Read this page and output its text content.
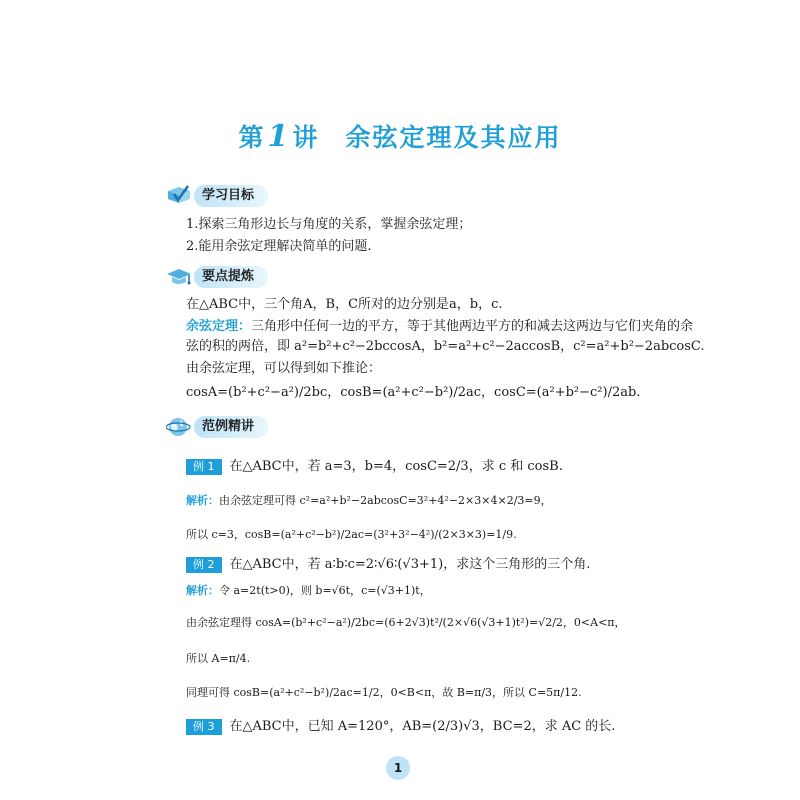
第1讲 余弦定理及其应用
学习目标
1.探索三角形边长与角度的关系，掌握余弦定理；
2.能用余弦定理解决简单的问题.
要点提炼
在△ABC中，三个角A，B，C所对的边分别是a，b，c.
余弦定理：三角形中任何一边的平方，等于其他两边平方的和减去这两边与它们夹角的余
弦的积的两倍，即 a²=b²+c²−2bccosA，b²=a²+c²−2accosB，c²=a²+b²−2abcosC.
由余弦定理，可以得到如下推论：
cosA=(b²+c²−a²)/2bc，cosB=(a²+c²−b²)/2ac，cosC=(a²+b²−c²)/2ab.
范例精讲
例 1 在△ABC中，若 a=3，b=4，cosC=2/3，求 c 和 cosB.
解析：由余弦定理可得 c²=a²+b²−2abcosC=3²+4²−2×3×4×2/3=9，
所以 c=3，cosB=(a²+c²−b²)/2ac=(3²+3²−4²)/(2×3×3)=1/9.
例 2 在△ABC中，若 a∶b∶c=2∶√6∶(√3+1)，求这个三角形的三个角.
解析：令 a=2t(t>0)，则 b=√6t，c=(√3+1)t，
由余弦定理得 cosA=(b²+c²−a²)/2bc=(6+2√3)t²/(2×√6(√3+1)t²)=√2/2，0<A<π，
所以 A=π/4.
同理可得 cosB=(a²+c²−b²)/2ac=1/2，0<B<π，故 B=π/3，所以 C=5π/12.
例 3 在△ABC中，已知 A=120°，AB=(2/3)√3，BC=2，求 AC 的长.
1
